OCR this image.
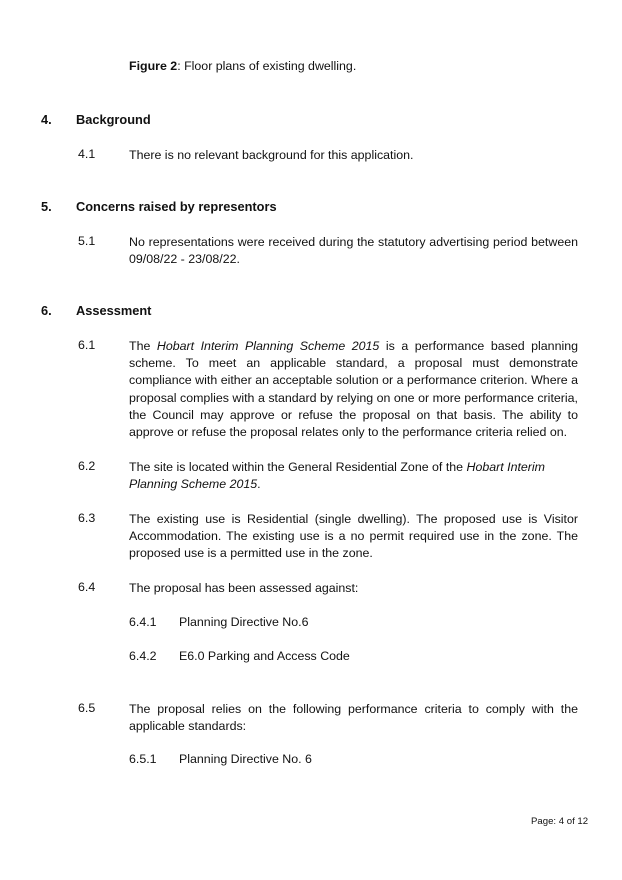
Figure 2: Floor plans of existing dwelling.
4. Background
4.1	There is no relevant background for this application.
5. Concerns raised by representors
5.1	No representations were received during the statutory advertising period between 09/08/22 - 23/08/22.
6. Assessment
6.1	The Hobart Interim Planning Scheme 2015 is a performance based planning scheme. To meet an applicable standard, a proposal must demonstrate compliance with either an acceptable solution or a performance criterion. Where a proposal complies with a standard by relying on one or more performance criteria, the Council may approve or refuse the proposal on that basis. The ability to approve or refuse the proposal relates only to the performance criteria relied on.
6.2	The site is located within the General Residential Zone of the Hobart Interim Planning Scheme 2015.
6.3	The existing use is Residential (single dwelling). The proposed use is Visitor Accommodation. The existing use is a no permit required use in the zone. The proposed use is a permitted use in the zone.
6.4	The proposal has been assessed against:
6.4.1 Planning Directive No.6
6.4.2 E6.0 Parking and Access Code
6.5	The proposal relies on the following performance criteria to comply with the applicable standards:
6.5.1 Planning Directive No. 6
Page: 4 of 12
